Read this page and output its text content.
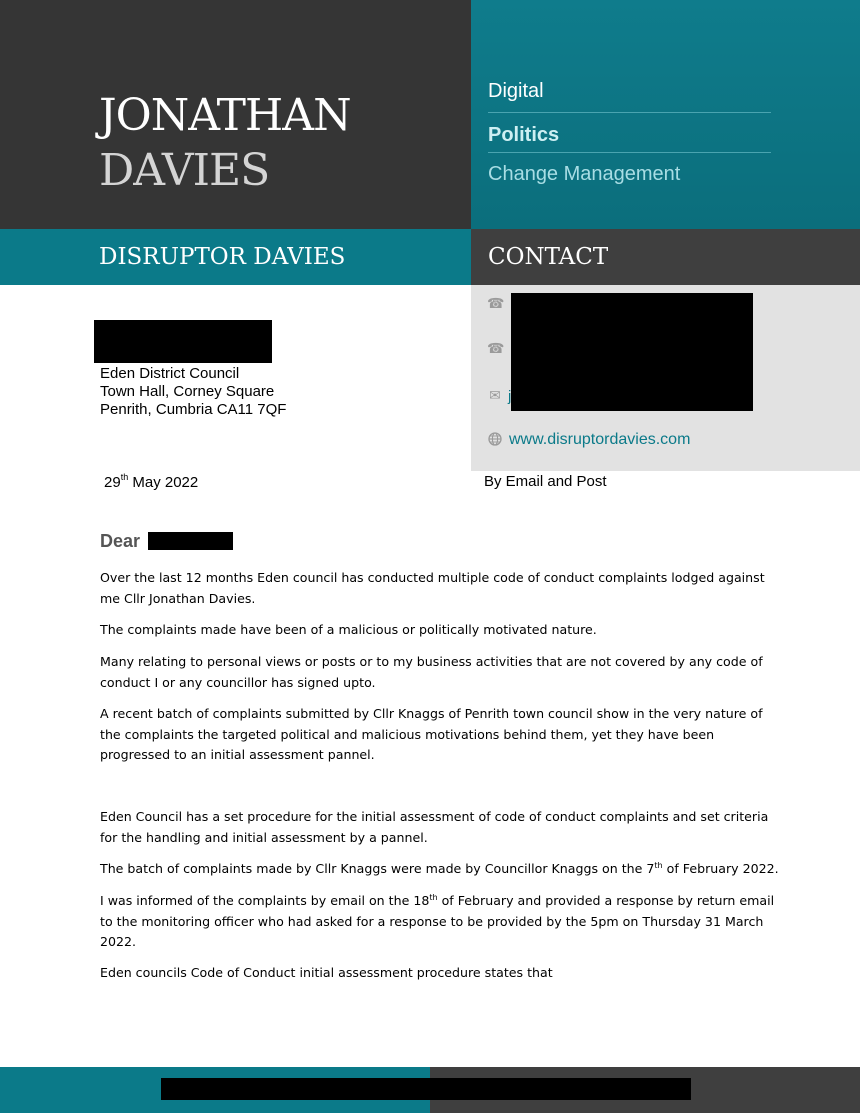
JONATHAN
DAVIES
Digital
Politics
Change Management
DISRUPTOR DAVIES	CONTACT
☎
☎
✉ j
www.disruptordavies.com
Eden District Council
Town Hall, Corney Square
Penrith, Cumbria CA11 7QF
29th May 2022	By Email and Post
Dear
Over the last 12 months Eden council has conducted multiple code of conduct complaints lodged against me Cllr Jonathan Davies.
The complaints made have been of a malicious or politically motivated nature.
Many relating to personal views or posts or to my business activities that are not covered by any code of conduct I or any councillor has signed upto.
A recent batch of complaints submitted by Cllr Knaggs of Penrith town council show in the very nature of the complaints the targeted political and malicious motivations behind them, yet they have been progressed to an initial assessment pannel.
Eden Council has a set procedure for the initial assessment of code of conduct complaints and set criteria for the handling and initial assessment by a pannel.
The batch of complaints made by Cllr Knaggs were made by Councillor Knaggs on the 7th of February 2022.
I was informed of the complaints by email on the 18th of February and provided a response by return email to the monitoring officer who had asked for a response to be provided by the 5pm on Thursday 31 March 2022.
Eden councils Code of Conduct initial assessment procedure states that
